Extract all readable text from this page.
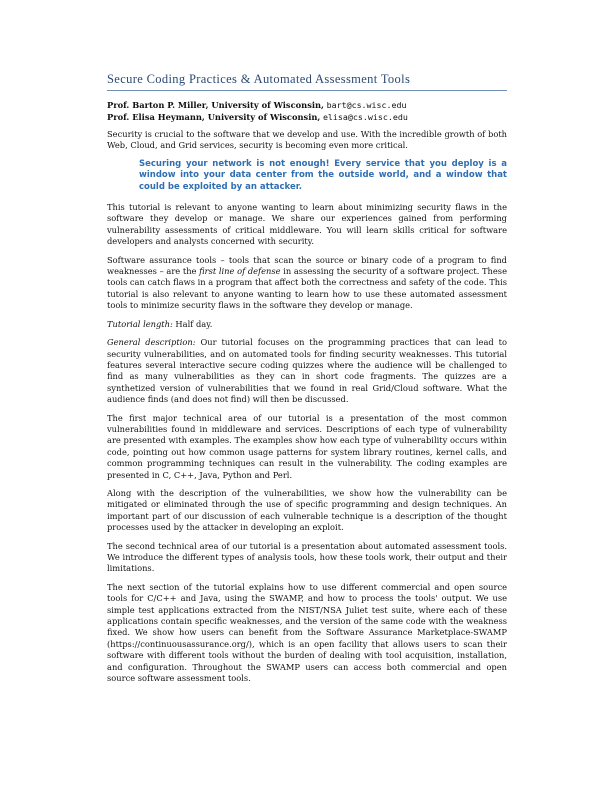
Secure Coding Practices & Automated Assessment Tools
Prof. Barton P. Miller, University of Wisconsin, bart@cs.wisc.edu
Prof. Elisa Heymann, University of Wisconsin, elisa@cs.wisc.edu

Security is crucial to the software that we develop and use. With the incredible growth of both Web, Cloud, and Grid services, security is becoming even more critical.

Securing your network is not enough! Every service that you deploy is a window into your data center from the outside world, and a window that could be exploited by an attacker.

This tutorial is relevant to anyone wanting to learn about minimizing security flaws in the software they develop or manage. We share our experiences gained from performing vulnerability assessments of critical middleware. You will learn skills critical for software developers and analysts concerned with security.

Software assurance tools – tools that scan the source or binary code of a program to find weaknesses – are the first line of defense in assessing the security of a software project. These tools can catch flaws in a program that affect both the correctness and safety of the code. This tutorial is also relevant to anyone wanting to learn how to use these automated assessment tools to minimize security flaws in the software they develop or manage.

Tutorial length: Half day.

General description: Our tutorial focuses on the programming practices that can lead to security vulnerabilities, and on automated tools for finding security weaknesses. This tutorial features several interactive secure coding quizzes where the audience will be challenged to find as many vulnerabilities as they can in short code fragments. The quizzes are a synthetized version of vulnerabilities that we found in real Grid/Cloud software. What the audience finds (and does not find) will then be discussed.

The first major technical area of our tutorial is a presentation of the most common vulnerabilities found in middleware and services. Descriptions of each type of vulnerability are presented with examples. The examples show how each type of vulnerability occurs within code, pointing out how common usage patterns for system library routines, kernel calls, and common programming techniques can result in the vulnerability. The coding examples are presented in C, C++, Java, Python and Perl.

Along with the description of the vulnerabilities, we show how the vulnerability can be mitigated or eliminated through the use of specific programming and design techniques. An important part of our discussion of each vulnerable technique is a description of the thought processes used by the attacker in developing an exploit.

The second technical area of our tutorial is a presentation about automated assessment tools. We introduce the different types of analysis tools, how these tools work, their output and their limitations.

The next section of the tutorial explains how to use different commercial and open source tools for C/C++ and Java, using the SWAMP, and how to process the tools' output. We use simple test applications extracted from the NIST/NSA Juliet test suite, where each of these applications contain specific weaknesses, and the version of the same code with the weakness fixed. We show how users can benefit from the Software Assurance Marketplace-SWAMP (https://continuousassurance.org/), which is an open facility that allows users to scan their software with different tools without the burden of dealing with tool acquisition, installation, and configuration. Throughout the SWAMP users can access both commercial and open source software assessment tools.
